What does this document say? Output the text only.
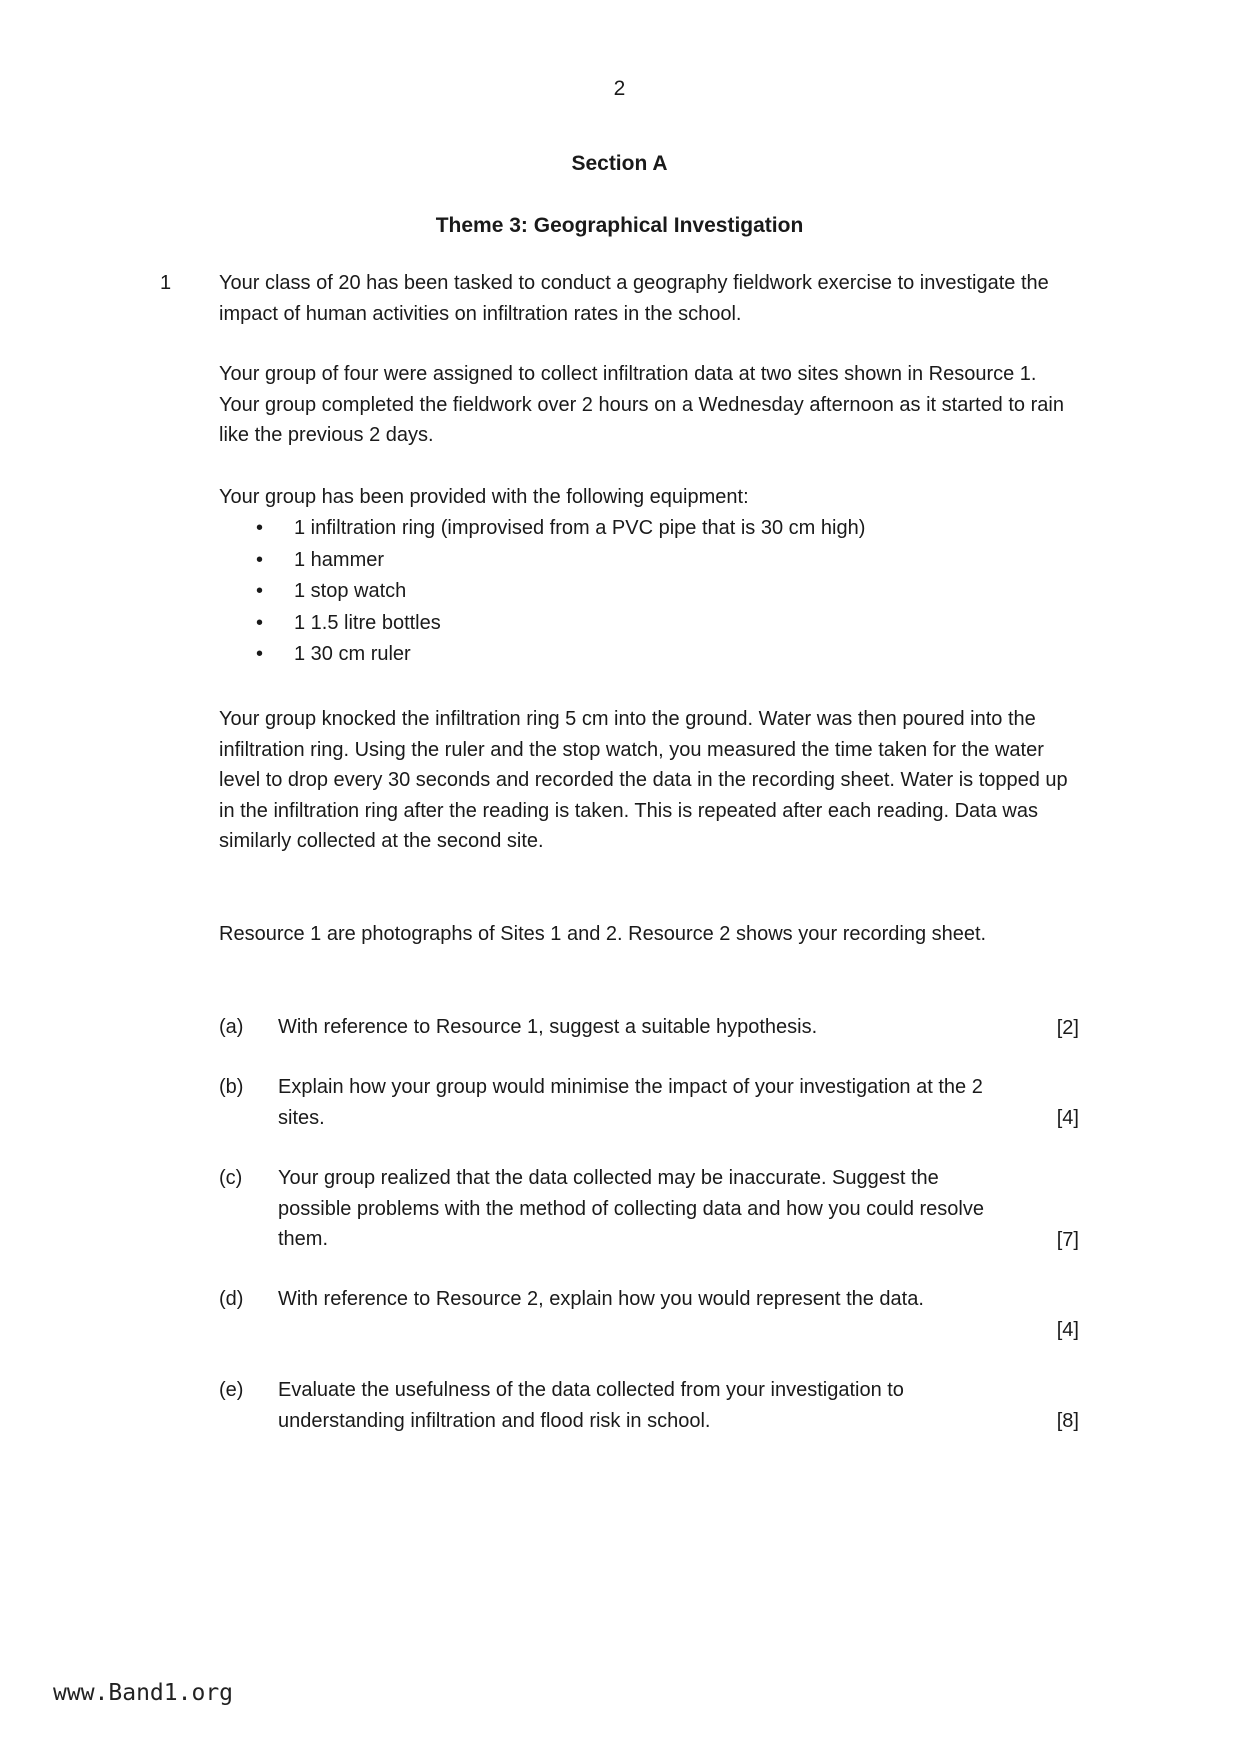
2
Section A
Theme 3: Geographical Investigation
1 Your class of 20 has been tasked to conduct a geography fieldwork exercise to investigate the impact of human activities on infiltration rates in the school.

Your group of four were assigned to collect infiltration data at two sites shown in Resource 1. Your group completed the fieldwork over 2 hours on a Wednesday afternoon as it started to rain like the previous 2 days.

Your group has been provided with the following equipment:
• 1 infiltration ring (improvised from a PVC pipe that is 30 cm high)
• 1 hammer
• 1 stop watch
• 1 1.5 litre bottles
• 1 30 cm ruler

Your group knocked the infiltration ring 5 cm into the ground. Water was then poured into the infiltration ring. Using the ruler and the stop watch, you measured the time taken for the water level to drop every 30 seconds and recorded the data in the recording sheet. Water is topped up in the infiltration ring after the reading is taken. This is repeated after each reading. Data was similarly collected at the second site.

Resource 1 are photographs of Sites 1 and 2. Resource 2 shows your recording sheet.

(a) With reference to Resource 1, suggest a suitable hypothesis.	[2]
(b) Explain how your group would minimise the impact of your investigation at the 2 sites.	[4]
(c) Your group realized that the data collected may be inaccurate. Suggest the possible problems with the method of collecting data and how you could resolve them.	[7]
(d) With reference to Resource 2, explain how you would represent the data.
[4]
(e) Evaluate the usefulness of the data collected from your investigation to understanding infiltration and flood risk in school.	[8]
www.Band1.org
